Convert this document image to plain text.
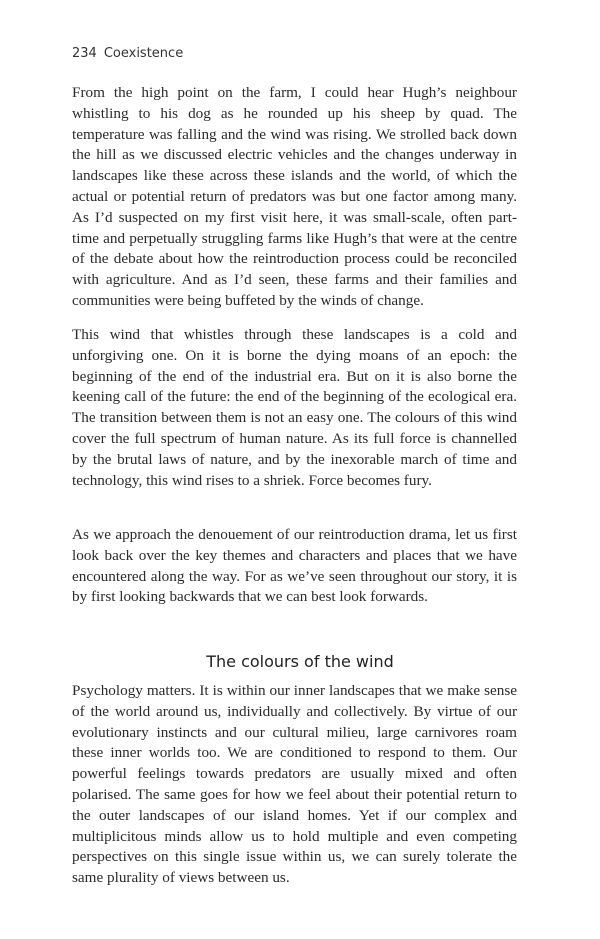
234 Coexistence
From the high point on the farm, I could hear Hugh’s neighbour whistling to his dog as he rounded up his sheep by quad. The temperature was falling and the wind was rising. We strolled back down the hill as we discussed electric vehicles and the changes underway in landscapes like these across these islands and the world, of which the actual or potential return of predators was but one factor among many. As I’d suspected on my first visit here, it was small-scale, often part-time and perpetually struggling farms like Hugh’s that were at the centre of the debate about how the reintroduction process could be reconciled with agriculture. And as I’d seen, these farms and their families and communities were being buffeted by the winds of change.
This wind that whistles through these landscapes is a cold and unforgiving one. On it is borne the dying moans of an epoch: the beginning of the end of the industrial era. But on it is also borne the keening call of the future: the end of the beginning of the ecological era. The transition between them is not an easy one. The colours of this wind cover the full spectrum of human nature. As its full force is channelled by the brutal laws of nature, and by the inexorable march of time and technology, this wind rises to a shriek. Force becomes fury.
As we approach the denouement of our reintroduction drama, let us first look back over the key themes and characters and places that we have encountered along the way. For as we’ve seen throughout our story, it is by first looking backwards that we can best look forwards.
The colours of the wind
Psychology matters. It is within our inner landscapes that we make sense of the world around us, individually and collectively. By virtue of our evolutionary instincts and our cultural milieu, large carnivores roam these inner worlds too. We are conditioned to respond to them. Our powerful feelings towards predators are usually mixed and often polarised. The same goes for how we feel about their potential return to the outer landscapes of our island homes. Yet if our complex and multiplicitous minds allow us to hold multiple and even competing perspectives on this single issue within us, we can surely tolerate the same plurality of views between us.
